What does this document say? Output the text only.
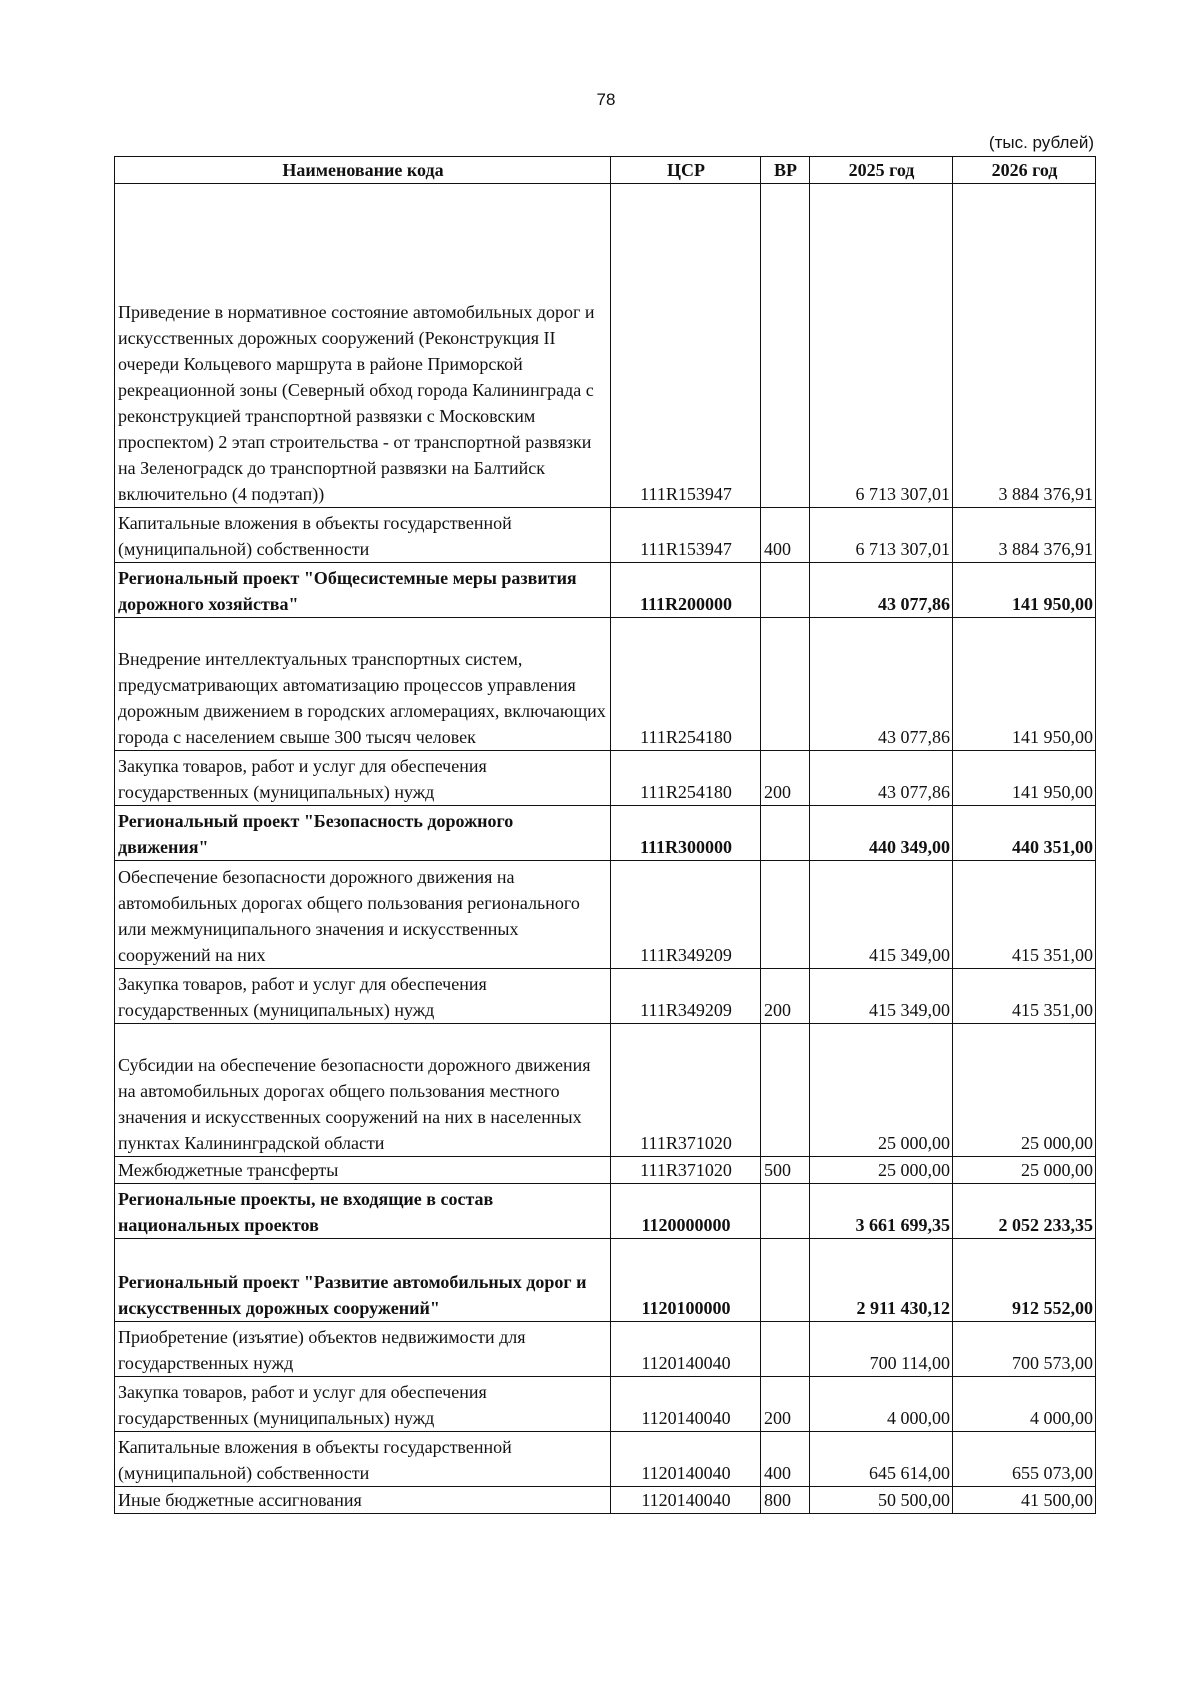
78
(тыс. рублей)
Наименование кода	ЦСР	ВР	2025 год	2026 год
Приведение в нормативное состояние автомобильных дорог и искусственных дорожных сооружений (Реконструкция II очереди Кольцевого маршрута в районе Приморской рекреационной зоны (Северный обход города Калининграда с реконструкцией транспортной развязки с Московским проспектом) 2 этап строительства - от транспортной развязки на Зеленоградск до транспортной развязки на Балтийск включительно (4 подэтап))	111R153947		6 713 307,01	3 884 376,91
Капитальные вложения в объекты государственной (муниципальной) собственности	111R153947	400	6 713 307,01	3 884 376,91
Региональный проект "Общесистемные меры развития дорожного хозяйства"	111R200000		43 077,86	141 950,00
Внедрение интеллектуальных транспортных систем, предусматривающих автоматизацию процессов управления дорожным движением в городских агломерациях, включающих города с населением свыше 300 тысяч человек	111R254180		43 077,86	141 950,00
Закупка товаров, работ и услуг для обеспечения государственных (муниципальных) нужд	111R254180	200	43 077,86	141 950,00
Региональный проект "Безопасность дорожного движения"	111R300000		440 349,00	440 351,00
Обеспечение безопасности дорожного движения на автомобильных дорогах общего пользования регионального или межмуниципального значения и искусственных сооружений на них	111R349209		415 349,00	415 351,00
Закупка товаров, работ и услуг для обеспечения государственных (муниципальных) нужд	111R349209	200	415 349,00	415 351,00
Субсидии на обеспечение безопасности дорожного движения на автомобильных дорогах общего пользования местного значения и искусственных сооружений на них в населенных пунктах Калининградской области	111R371020		25 000,00	25 000,00
Межбюджетные трансферты	111R371020	500	25 000,00	25 000,00
Региональные проекты, не входящие в состав национальных проектов	1120000000		3 661 699,35	2 052 233,35
Региональный проект "Развитие автомобильных дорог и искусственных дорожных сооружений"	1120100000		2 911 430,12	912 552,00
Приобретение (изъятие) объектов недвижимости для государственных нужд	1120140040		700 114,00	700 573,00
Закупка товаров, работ и услуг для обеспечения государственных (муниципальных) нужд	1120140040	200	4 000,00	4 000,00
Капитальные вложения в объекты государственной (муниципальной) собственности	1120140040	400	645 614,00	655 073,00
Иные бюджетные ассигнования	1120140040	800	50 500,00	41 500,00
